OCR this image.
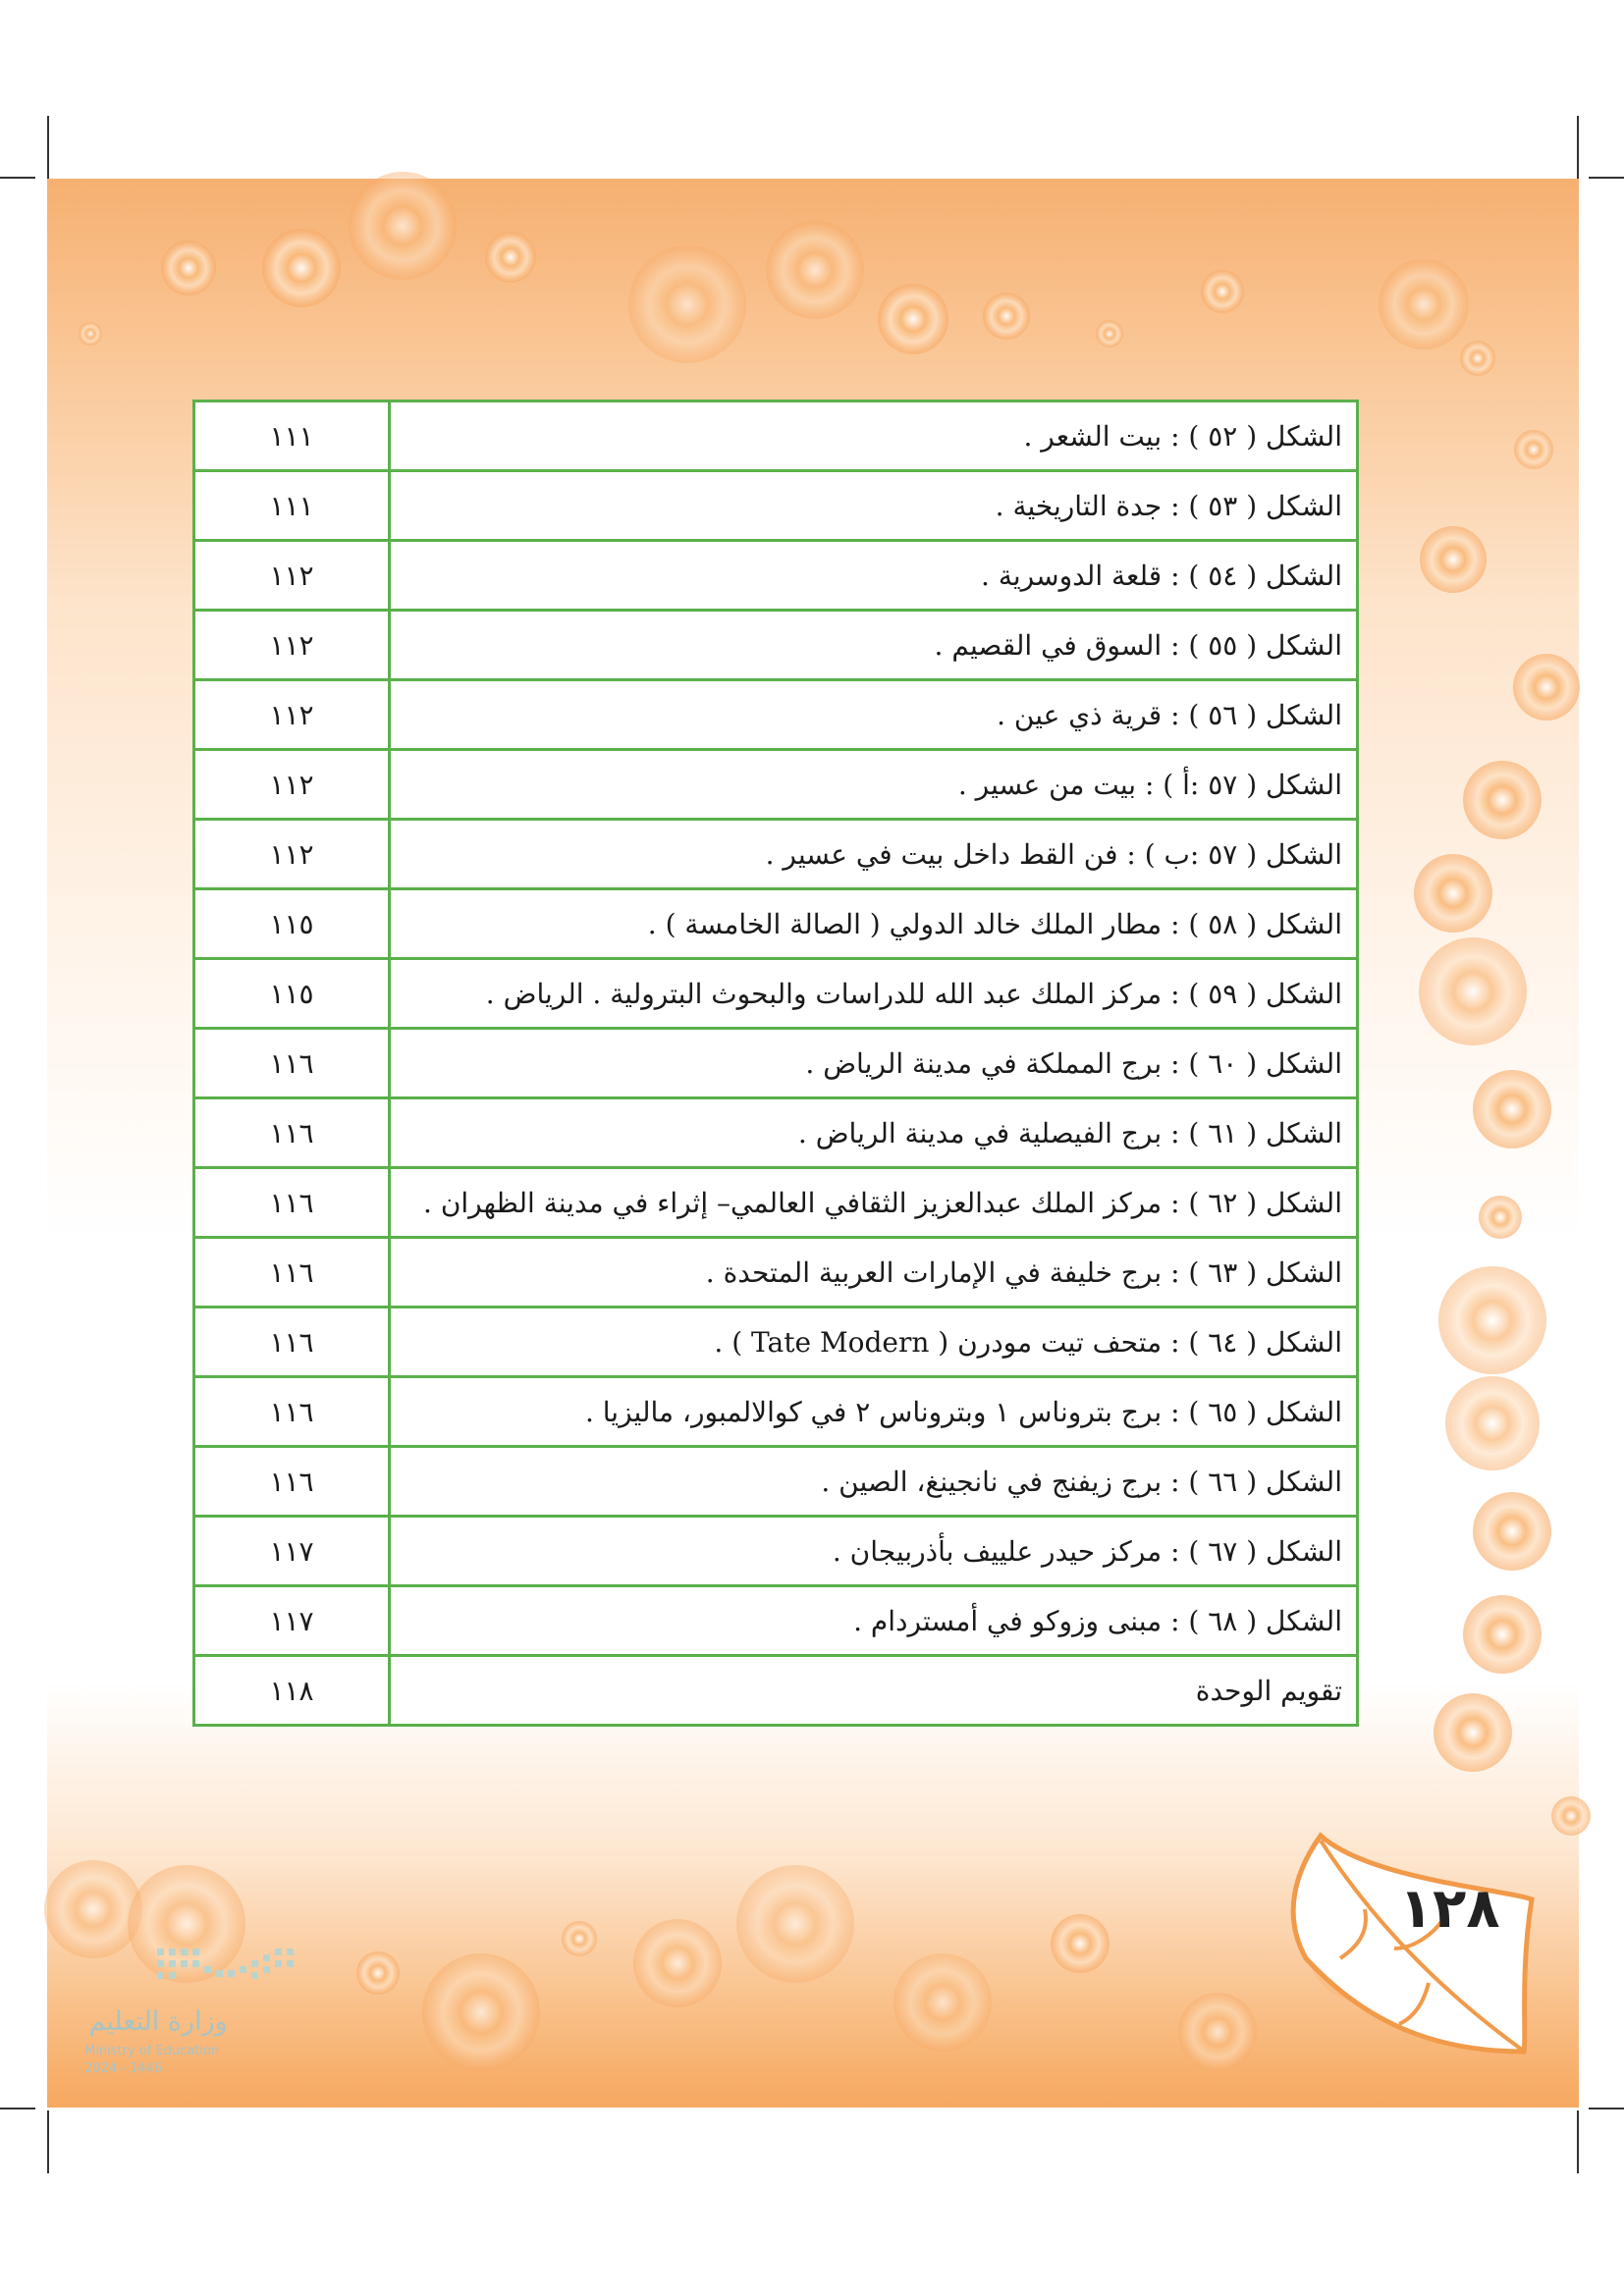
الشكل ( ٥٢ ) : بيت الشعر .	١١١
الشكل ( ٥٣ ) : جدة التاريخية .	١١١
الشكل ( ٥٤ ) : قلعة الدوسرية .	١١٢
الشكل ( ٥٥ ) : السوق في القصيم .	١١٢
الشكل ( ٥٦ ) : قرية ذي عين .	١١٢
الشكل ( ٥٧ :أ ) : بيت من عسير .	١١٢
الشكل ( ٥٧ :ب ) : فن القط داخل بيت في عسير .	١١٢
الشكل ( ٥٨ ) : مطار الملك خالد الدولي ( الصالة الخامسة ) .	١١٥
الشكل ( ٥٩ ) : مركز الملك عبد الله للدراسات والبحوث البترولية . الرياض .	١١٥
الشكل ( ٦٠ ) : برج المملكة في مدينة الرياض .	١١٦
الشكل ( ٦١ ) : برج الفيصلية في مدينة الرياض .	١١٦
الشكل ( ٦٢ ) : مركز الملك عبدالعزيز الثقافي العالمي– إثراء في مدينة الظهران .	١١٦
الشكل ( ٦٣ ) : برج خليفة في الإمارات العربية المتحدة .	١١٦
الشكل ( ٦٤ ) : متحف تيت مودرن ( Tate Modern ) .	١١٦
الشكل ( ٦٥ ) : برج بتروناس ١ وبتروناس ٢ في كوالالمبور، ماليزيا .	١١٦
الشكل ( ٦٦ ) : برج زيفنج في نانجينغ، الصين .	١١٦
الشكل ( ٦٧ ) : مركز حيدر علييف بأذربيجان .	١١٧
الشكل ( ٦٨ ) : مبنى وزوكو في أمستردام .	١١٧
تقويم الوحدة	١١٨
١٢٨
وزارة التعليم
Ministry of Education
2024 - 1446
